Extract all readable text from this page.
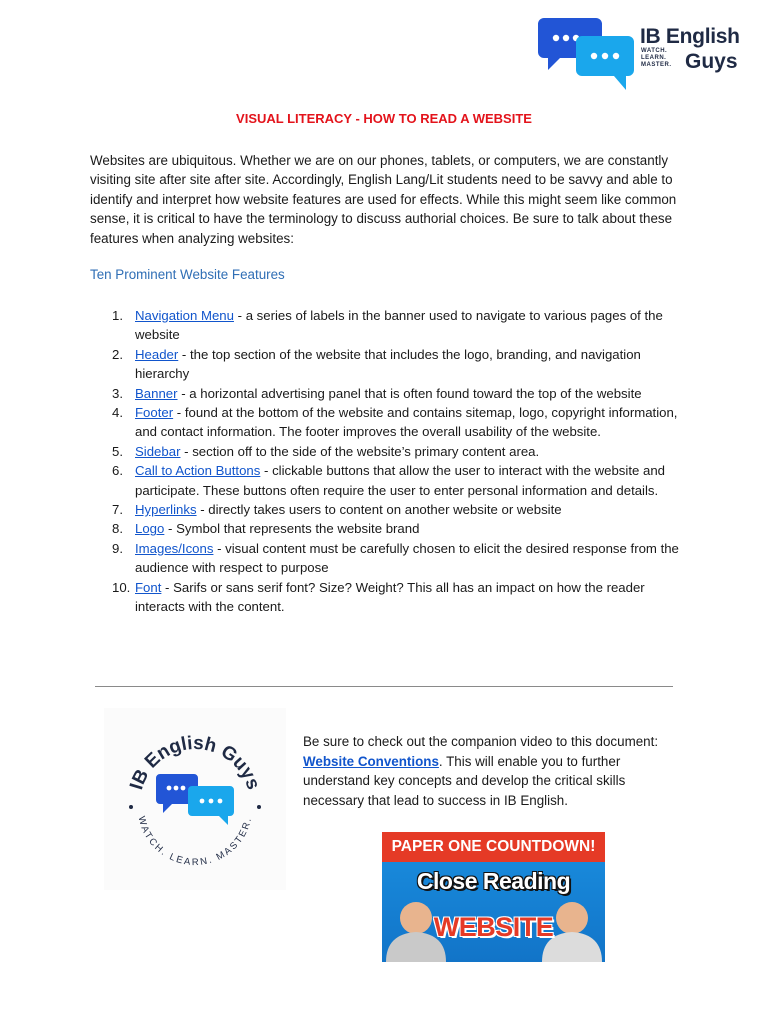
IB English
WATCH.
LEARN.
MASTER. Guys
VISUAL LITERACY - HOW TO READ A WEBSITE
Websites are ubiquitous. Whether we are on our phones, tablets, or computers, we are constantly visiting site after site after site. Accordingly, English Lang/Lit students need to be savvy and able to identify and interpret how website features are used for effects. While this might seem like common sense, it is critical to have the terminology to discuss authorial choices. Be sure to talk about these features when analyzing websites:
Ten Prominent Website Features
1. Navigation Menu - a series of labels in the banner used to navigate to various pages of the website
2. Header - the top section of the website that includes the logo, branding, and navigation hierarchy
3. Banner - a horizontal advertising panel that is often found toward the top of the website
4. Footer - found at the bottom of the website and contains sitemap, logo, copyright information, and contact information. The footer improves the overall usability of the website.
5. Sidebar - section off to the side of the website’s primary content area.
6. Call to Action Buttons - clickable buttons that allow the user to interact with the website and participate. These buttons often require the user to enter personal information and details.
7. Hyperlinks - directly takes users to content on another website or website
8. Logo - Symbol that represents the website brand
9. Images/Icons - visual content must be carefully chosen to elicit the desired response from the audience with respect to purpose
10. Font - Sarifs or sans serif font? Size? Weight? This all has an impact on how the reader interacts with the content.
IB English Guys
WATCH. LEARN. MASTER.
Be sure to check out the companion video to this document: Website Conventions. This will enable you to further understand key concepts and develop the critical skills necessary that lead to success in IB English.
PAPER ONE COUNTDOWN!
Close Reading
WEBSITE
